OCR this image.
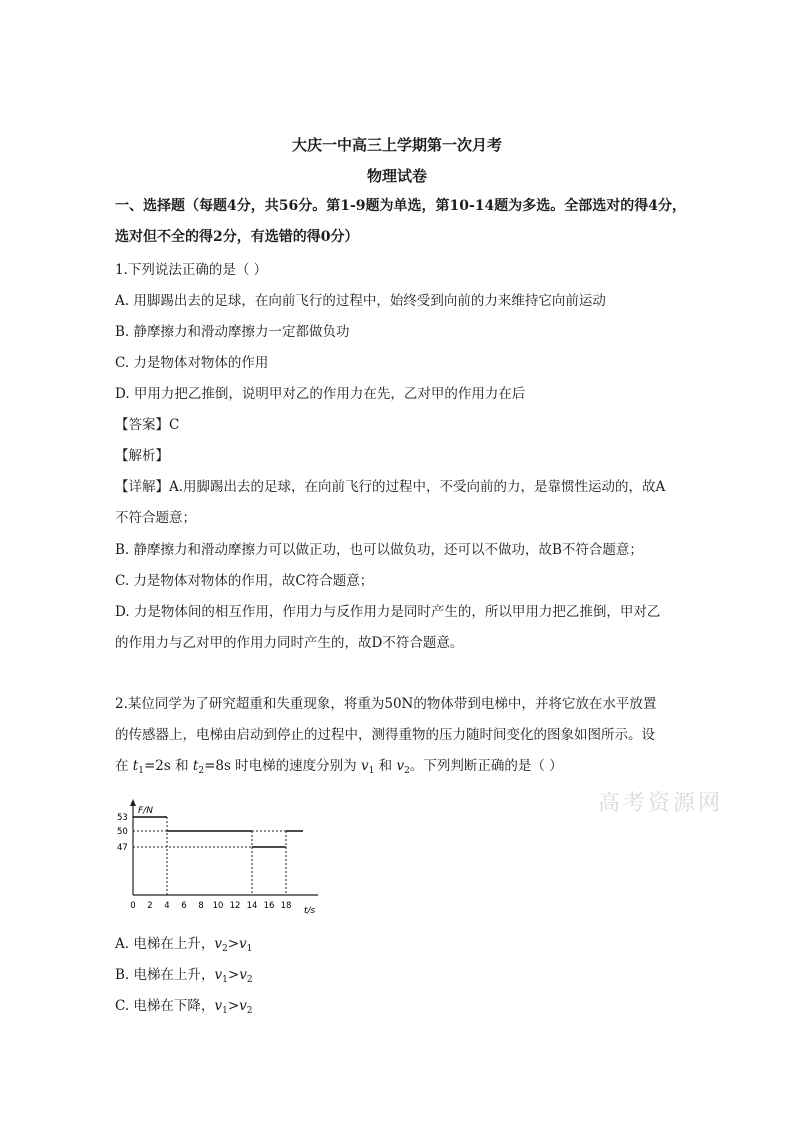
大庆一中高三上学期第一次月考
物理试卷
一、选择题（每题4分，共56分。第1-9题为单选，第10-14题为多选。全部选对的得4分，
选对但不全的得2分，有选错的得0分）
1.下列说法正确的是（ ）
A. 用脚踢出去的足球，在向前飞行的过程中，始终受到向前的力来维持它向前运动
B. 静摩擦力和滑动摩擦力一定都做负功
C. 力是物体对物体的作用
D. 甲用力把乙推倒，说明甲对乙的作用力在先，乙对甲的作用力在后
【答案】C
【解析】
【详解】A.用脚踢出去的足球，在向前飞行的过程中，不受向前的力，是靠惯性运动的，故A
不符合题意；
B. 静摩擦力和滑动摩擦力可以做正功，也可以做负功，还可以不做功，故B不符合题意；
C. 力是物体对物体的作用，故C符合题意；
D. 力是物体间的相互作用，作用力与反作用力是同时产生的，所以甲用力把乙推倒，甲对乙
的作用力与乙对甲的作用力同时产生的，故D不符合题意。
2.某位同学为了研究超重和失重现象，将重为50N的物体带到电梯中，并将它放在水平放置
的传感器上，电梯由启动到停止的过程中，测得重物的压力随时间变化的图象如图所示。设
在 $t_1=2s$ 和 $t_2=8s$ 时电梯的速度分别为 $v_1$ 和 $v_2$。下列判断正确的是（ ）
高考资源网
F/N
t/s
53
50
47
0 2 4 6 8 10 12 14 16 18
A. 电梯在上升，$v_2>v_1$
B. 电梯在上升，$v_1>v_2$
C. 电梯在下降，$v_1>v_2$
